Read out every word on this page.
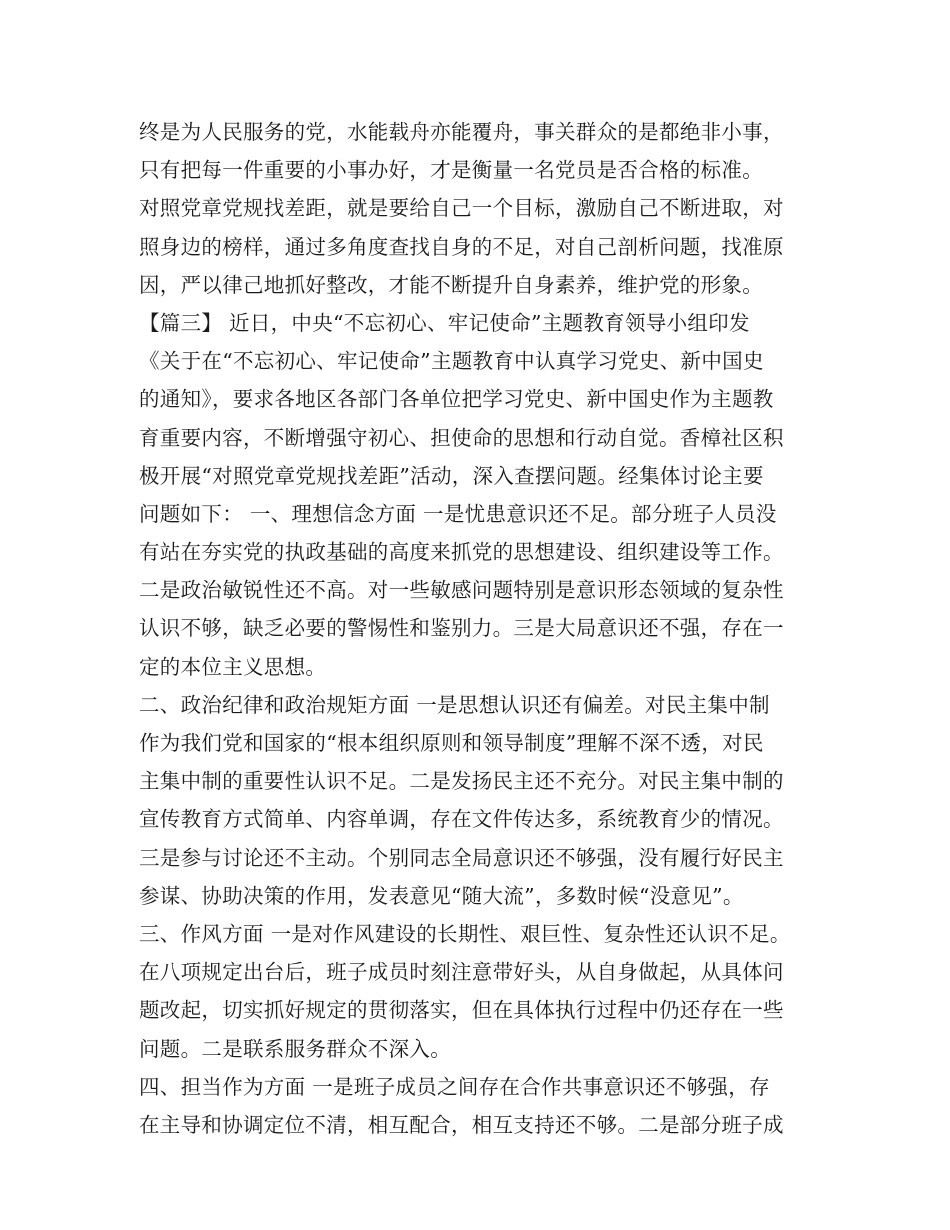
终是为人民服务的党，水能载舟亦能覆舟，事关群众的是都绝非小事，
只有把每一件重要的小事办好，才是衡量一名党员是否合格的标准。
对照党章党规找差距，就是要给自己一个目标，激励自己不断进取，对
照身边的榜样，通过多角度查找自身的不足，对自己剖析问题，找准原
因，严以律己地抓好整改，才能不断提升自身素养，维护党的形象。
【篇三】 近日，中央“不忘初心、牢记使命”主题教育领导小组印发
《关于在“不忘初心、牢记使命”主题教育中认真学习党史、新中国史
的通知》，要求各地区各部门各单位把学习党史、新中国史作为主题教
育重要内容，不断增强守初心、担使命的思想和行动自觉。香樟社区积
极开展“对照党章党规找差距”活动，深入查摆问题。经集体讨论主要
问题如下： 一、理想信念方面 一是忧患意识还不足。部分班子人员没
有站在夯实党的执政基础的高度来抓党的思想建设、组织建设等工作。
二是政治敏锐性还不高。对一些敏感问题特别是意识形态领域的复杂性
认识不够，缺乏必要的警惕性和鉴别力。三是大局意识还不强，存在一
定的本位主义思想。
二、政治纪律和政治规矩方面 一是思想认识还有偏差。对民主集中制
作为我们党和国家的“根本组织原则和领导制度”理解不深不透，对民
主集中制的重要性认识不足。二是发扬民主还不充分。对民主集中制的
宣传教育方式简单、内容单调，存在文件传达多，系统教育少的情况。
三是参与讨论还不主动。个别同志全局意识还不够强，没有履行好民主
参谋、协助决策的作用，发表意见“随大流”，多数时候“没意见”。
三、作风方面 一是对作风建设的长期性、艰巨性、复杂性还认识不足。
在八项规定出台后，班子成员时刻注意带好头，从自身做起，从具体问
题改起，切实抓好规定的贯彻落实，但在具体执行过程中仍还存在一些
问题。二是联系服务群众不深入。
四、担当作为方面 一是班子成员之间存在合作共事意识还不够强，存
在主导和协调定位不清，相互配合，相互支持还不够。二是部分班子成
